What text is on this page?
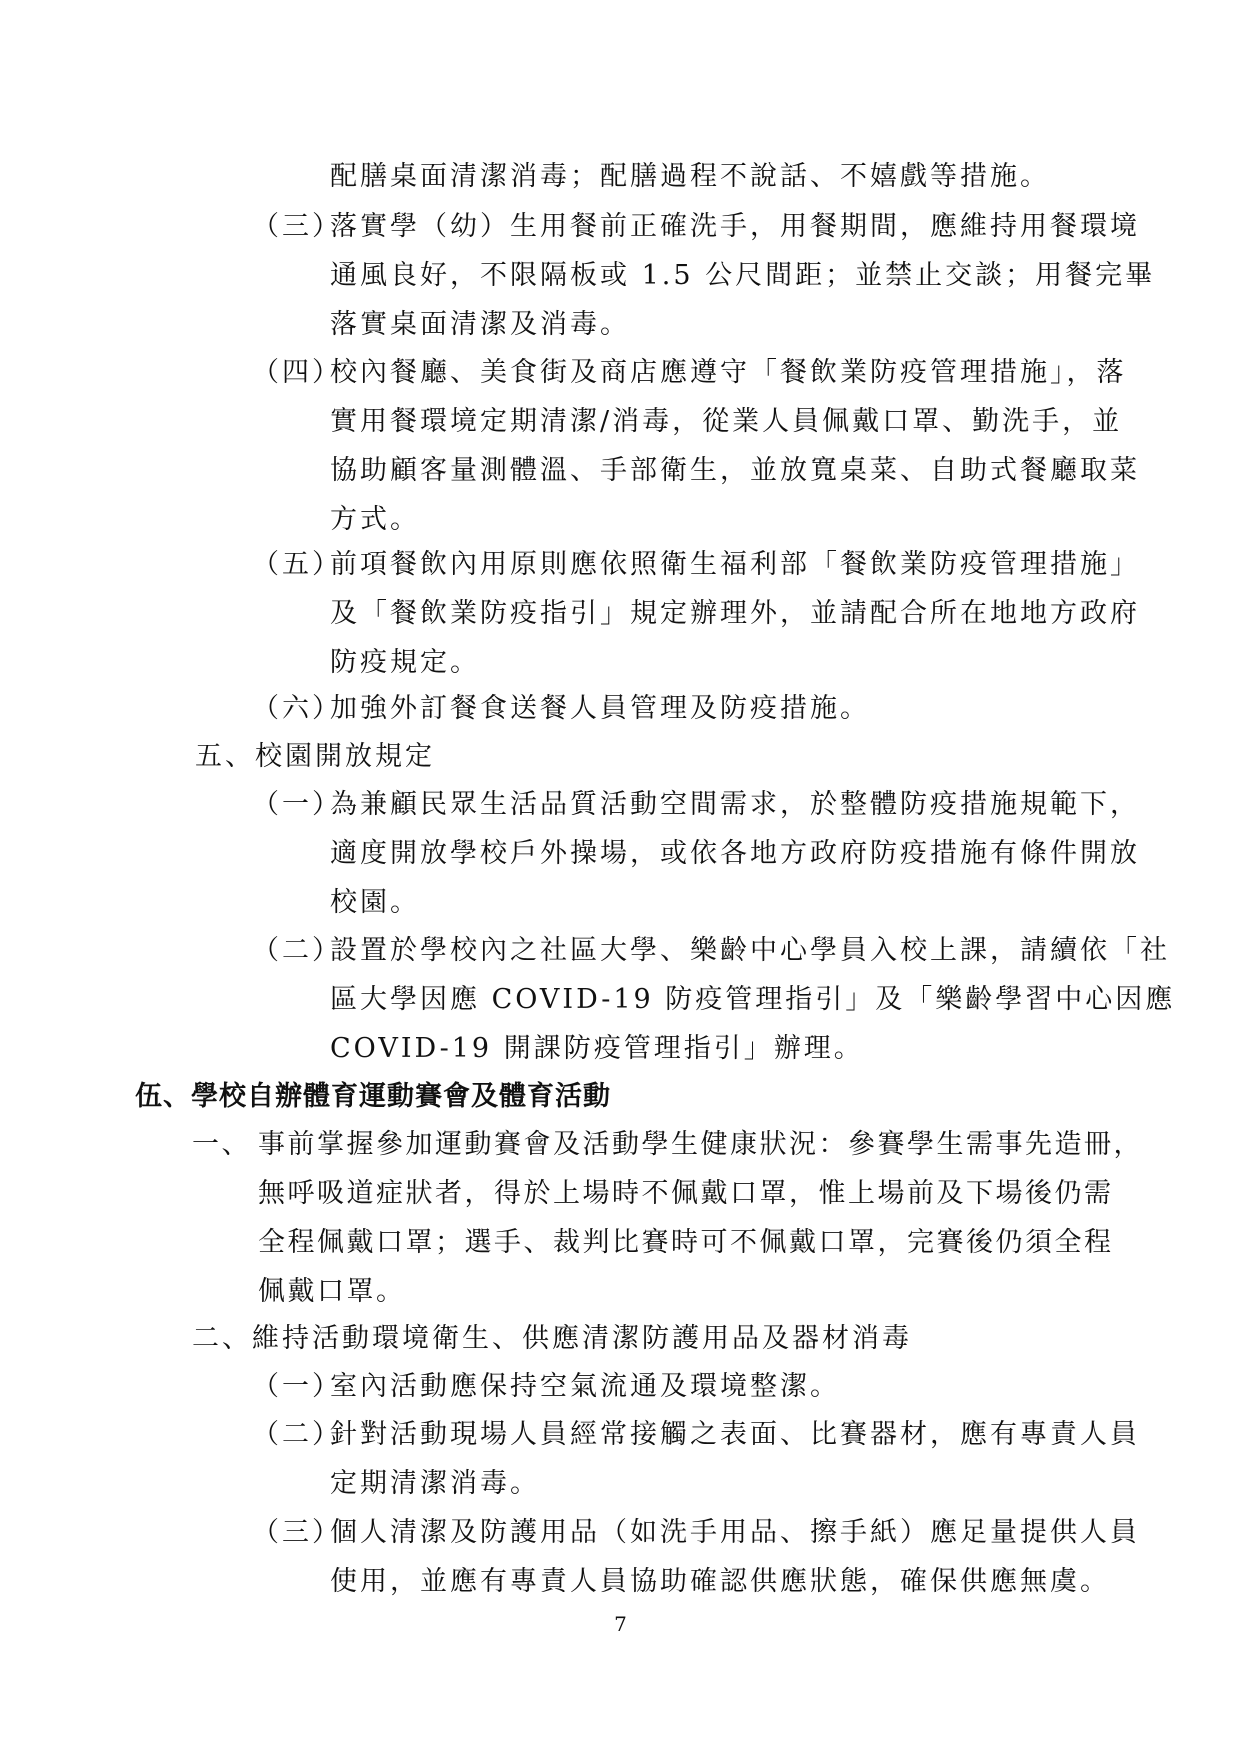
配膳桌面清潔消毒；配膳過程不說話、不嬉戲等措施。
（三）
落實學（幼）生用餐前正確洗手，用餐期間，應維持用餐環境
通風良好，不限隔板或 1.5 公尺間距；並禁止交談；用餐完畢
落實桌面清潔及消毒。
（四）
校內餐廳、美食街及商店應遵守「餐飲業防疫管理措施」，落
實用餐環境定期清潔/消毒，從業人員佩戴口罩、勤洗手，並
協助顧客量測體溫、手部衛生，並放寬桌菜、自助式餐廳取菜
方式。
（五）
前項餐飲內用原則應依照衛生福利部「餐飲業防疫管理措施」
及「餐飲業防疫指引」規定辦理外，並請配合所在地地方政府
防疫規定。
（六）
加強外訂餐食送餐人員管理及防疫措施。
五、校園開放規定
（一）
為兼顧民眾生活品質活動空間需求，於整體防疫措施規範下，
適度開放學校戶外操場，或依各地方政府防疫措施有條件開放
校園。
（二）
設置於學校內之社區大學、樂齡中心學員入校上課，請續依「社
區大學因應 COVID-19 防疫管理指引」及「樂齡學習中心因應
COVID-19 開課防疫管理指引」辦理。
伍、學校自辦體育運動賽會及體育活動
一、 事前掌握參加運動賽會及活動學生健康狀況：參賽學生需事先造冊，
無呼吸道症狀者，得於上場時不佩戴口罩，惟上場前及下場後仍需
全程佩戴口罩；選手、裁判比賽時可不佩戴口罩，完賽後仍須全程
佩戴口罩。
二、維持活動環境衛生、供應清潔防護用品及器材消毒
（一）
室內活動應保持空氣流通及環境整潔。
（二）
針對活動現場人員經常接觸之表面、比賽器材，應有專責人員
定期清潔消毒。
（三）
個人清潔及防護用品（如洗手用品、擦手紙）應足量提供人員
使用，並應有專責人員協助確認供應狀態，確保供應無虞。
7
